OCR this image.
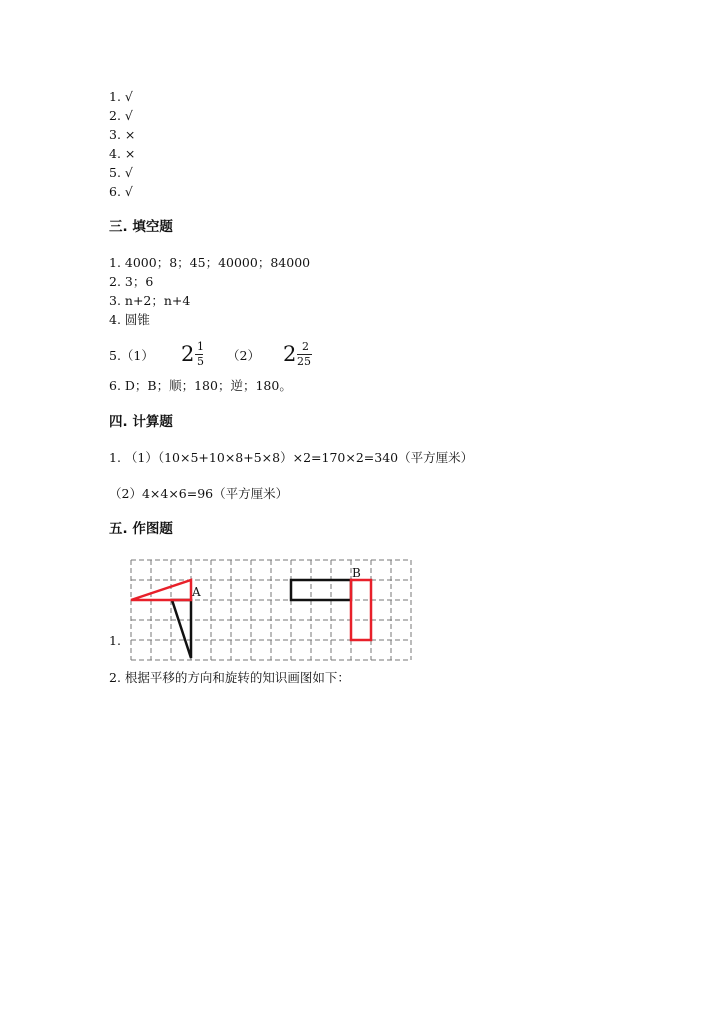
1. √
2. √
3. ×
4. ×
5. √
6. √
三. 填空题
1. 4000；8；45；40000；84000
2. 3；6
3. n+2；n+4
4. 圆锥
5.（1） 2 1
5 （2） 2 2
25
6. D；B；顺；180；逆；180。
四. 计算题
1. （1）（10×5+10×8+5×8）×2=170×2=340（平方厘米）
（2）4×4×6=96（平方厘米）
五. 作图题
1.
A
B
2. 根据平移的方向和旋转的知识画图如下：
